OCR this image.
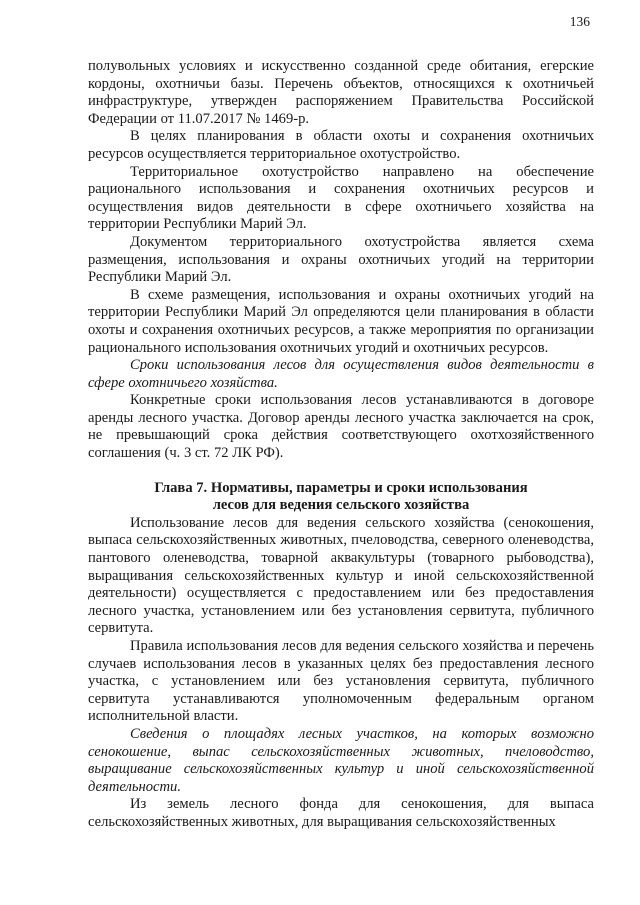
136

полувольных условиях и искусственно созданной среде обитания, егерские кордоны, охотничьи базы. Перечень объектов, относящихся к охотничьей инфраструктуре, утвержден распоряжением Правительства Российской Федерации от 11.07.2017 № 1469-р.

В целях планирования в области охоты и сохранения охотничьих ресурсов осуществляется территориальное охотустройство.

Территориальное охотустройство направлено на обеспечение рационального использования и сохранения охотничьих ресурсов и осуществления видов деятельности в сфере охотничьего хозяйства на территории Республики Марий Эл.

Документом территориального охотустройства является схема размещения, использования и охраны охотничьих угодий на территории Республики Марий Эл.

В схеме размещения, использования и охраны охотничьих угодий на территории Республики Марий Эл определяются цели планирования в области охоты и сохранения охотничьих ресурсов, а также мероприятия по организации рационального использования охотничьих угодий и охотничьих ресурсов.

Сроки использования лесов для осуществления видов деятельности в сфере охотничьего хозяйства.

Конкретные сроки использования лесов устанавливаются в договоре аренды лесного участка. Договор аренды лесного участка заключается на срок, не превышающий срока действия соответствующего охотхозяйственного соглашения (ч. 3 ст. 72 ЛК РФ).

Глава 7. Нормативы, параметры и сроки использования
лесов для ведения сельского хозяйства

Использование лесов для ведения сельского хозяйства (сенокошения, выпаса сельскохозяйственных животных, пчеловодства, северного оленеводства, пантового оленеводства, товарной аквакультуры (товарного рыбоводства), выращивания сельскохозяйственных культур и иной сельскохозяйственной деятельности) осуществляется с предоставлением или без предоставления лесного участка, установлением или без установления сервитута, публичного сервитута.

Правила использования лесов для ведения сельского хозяйства и перечень случаев использования лесов в указанных целях без предоставления лесного участка, с установлением или без установления сервитута, публичного сервитута устанавливаются уполномоченным федеральным органом исполнительной власти.

Сведения о площадях лесных участков, на которых возможно сенокошение, выпас сельскохозяйственных животных, пчеловодство, выращивание сельскохозяйственных культур и иной сельскохозяйственной деятельности.

Из земель лесного фонда для сенокошения, для выпаса сельскохозяйственных животных, для выращивания сельскохозяйственных
